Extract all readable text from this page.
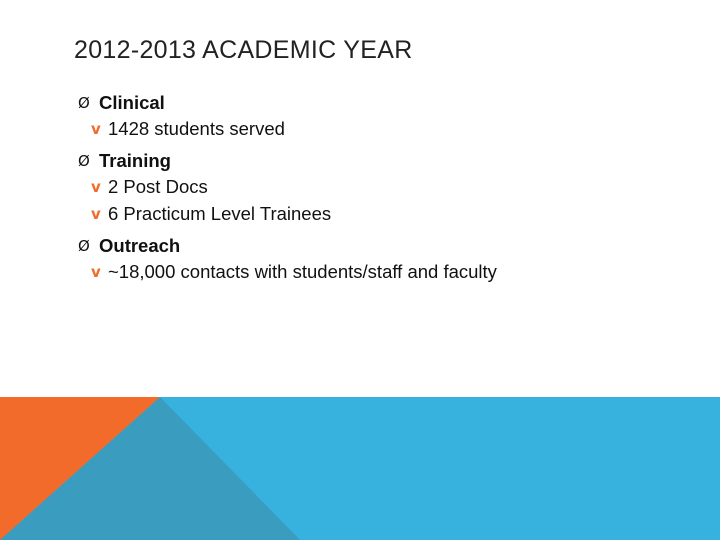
2012-2013 ACADEMIC YEAR
Ø Clinical
v 1428 students served
Ø Training
v 2 Post Docs
v 6 Practicum Level Trainees
Ø Outreach
v ~18,000 contacts with students/staff and faculty
